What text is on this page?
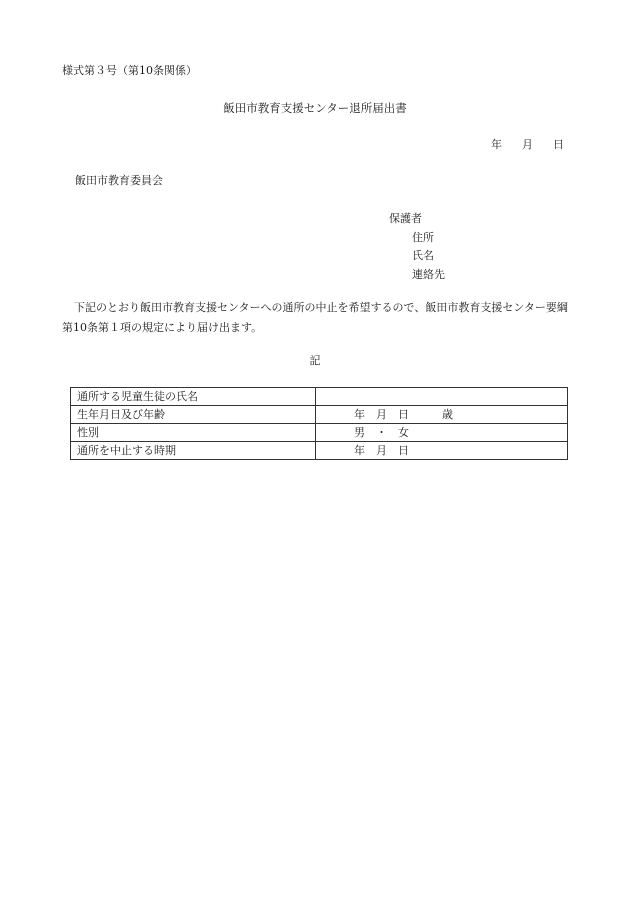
様式第３号（第10条関係）
飯田市教育支援センター退所届出書
年 月 日
飯田市教育委員会
保護者
住所
氏名
連絡先
下記のとおり飯田市教育支援センターへの通所の中止を希望するので、飯田市教育支援センター要綱第10条第１項の規定により届け出ます。
記
通所する児童生徒の氏名	
生年月日及び年齢	年　月　日　　　歳
性別	男　・　女
通所を中止する時期	年　月　日
